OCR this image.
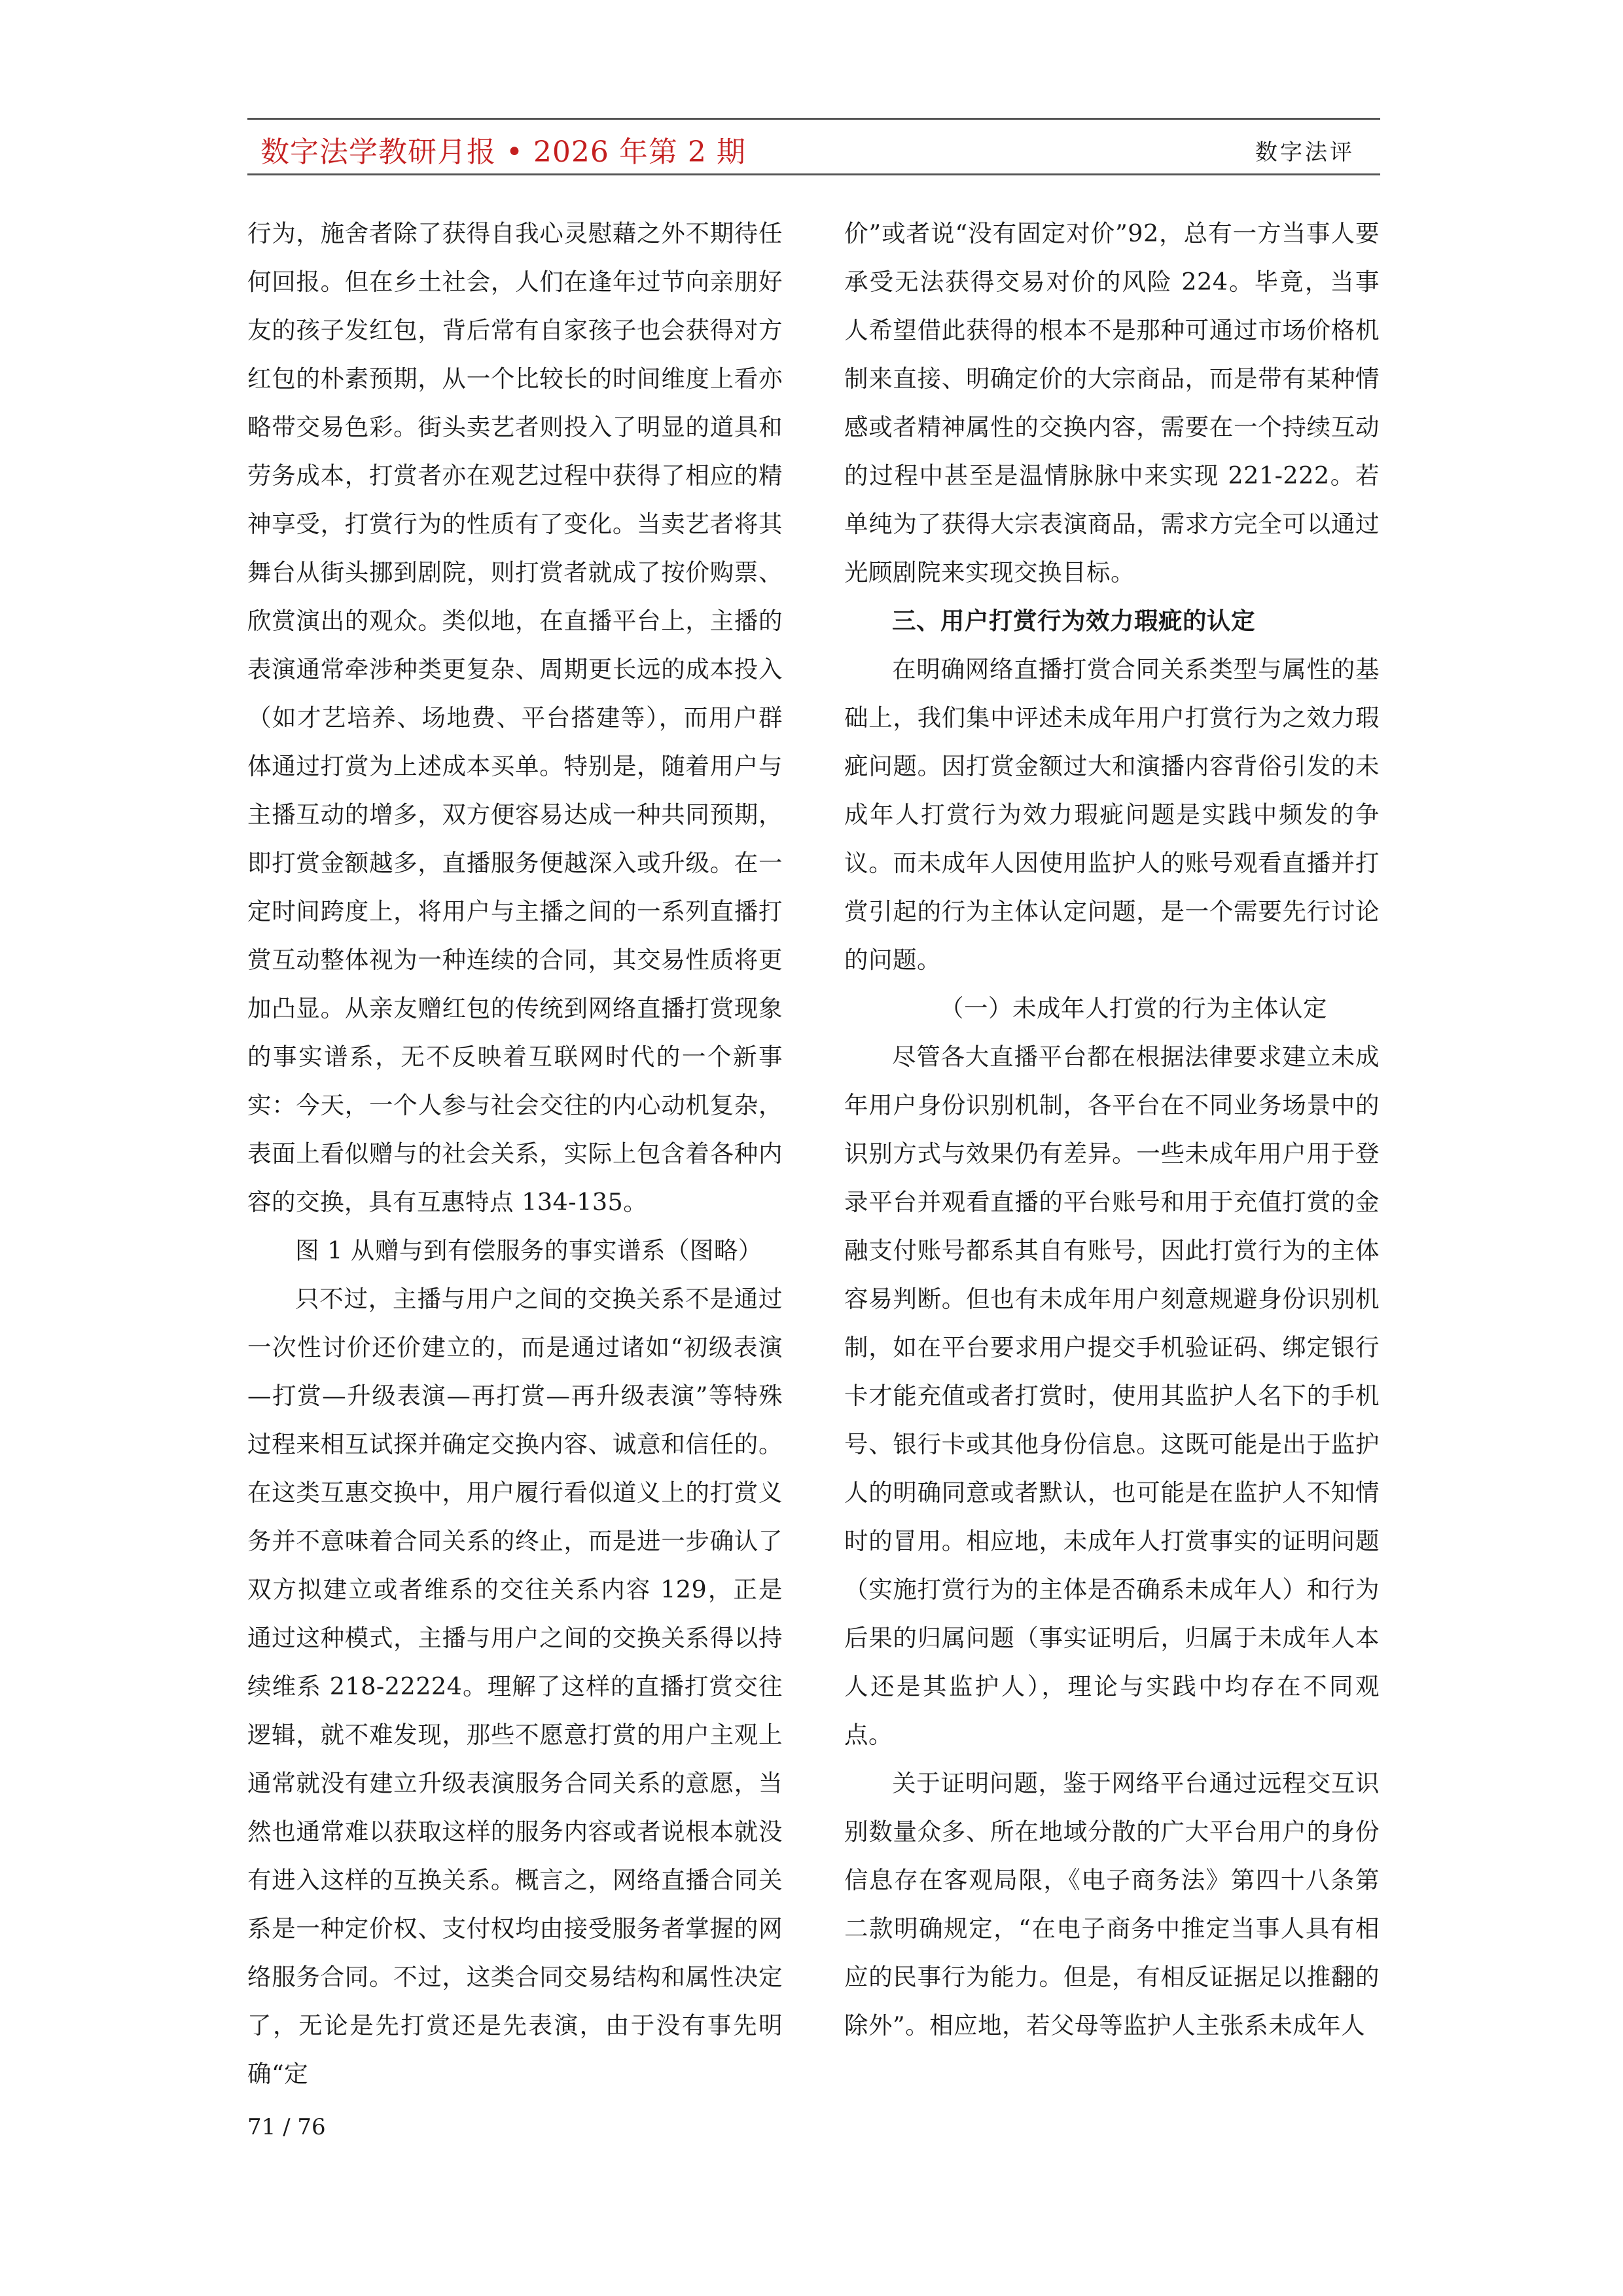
数字法学教研月报 • 2026 年第 2 期	数字法评

行为，施舍者除了获得自我心灵慰藉之外不期待任何回报。但在乡土社会，人们在逢年过节向亲朋好友的孩子发红包，背后常有自家孩子也会获得对方红包的朴素预期，从一个比较长的时间维度上看亦略带交易色彩。街头卖艺者则投入了明显的道具和劳务成本，打赏者亦在观艺过程中获得了相应的精神享受，打赏行为的性质有了变化。当卖艺者将其舞台从街头挪到剧院，则打赏者就成了按价购票、欣赏演出的观众。类似地，在直播平台上，主播的表演通常牵涉种类更复杂、周期更长远的成本投入（如才艺培养、场地费、平台搭建等），而用户群体通过打赏为上述成本买单。特别是，随着用户与主播互动的增多，双方便容易达成一种共同预期，即打赏金额越多，直播服务便越深入或升级。在一定时间跨度上，将用户与主播之间的一系列直播打赏互动整体视为一种连续的合同，其交易性质将更加凸显。从亲友赠红包的传统到网络直播打赏现象的事实谱系，无不反映着互联网时代的一个新事实：今天，一个人参与社会交往的内心动机复杂，表面上看似赠与的社会关系，实际上包含着各种内容的交换，具有互惠特点 134-135。

图 1 从赠与到有偿服务的事实谱系（图略）

只不过，主播与用户之间的交换关系不是通过一次性讨价还价建立的，而是通过诸如“初级表演—打赏—升级表演—再打赏—再升级表演”等特殊过程来相互试探并确定交换内容、诚意和信任的。在这类互惠交换中，用户履行看似道义上的打赏义务并不意味着合同关系的终止，而是进一步确认了双方拟建立或者维系的交往关系内容 129，正是通过这种模式，主播与用户之间的交换关系得以持续维系 218-22224。理解了这样的直播打赏交往逻辑，就不难发现，那些不愿意打赏的用户主观上通常就没有建立升级表演服务合同关系的意愿，当然也通常难以获取这样的服务内容或者说根本就没有进入这样的互换关系。概言之，网络直播合同关系是一种定价权、支付权均由接受服务者掌握的网络服务合同。不过，这类合同交易结构和属性决定了，无论是先打赏还是先表演，由于没有事先明确“定

价”或者说“没有固定对价”92，总有一方当事人要承受无法获得交易对价的风险 224。毕竟，当事人希望借此获得的根本不是那种可通过市场价格机制来直接、明确定价的大宗商品，而是带有某种情感或者精神属性的交换内容，需要在一个持续互动的过程中甚至是温情脉脉中来实现 221-222。若单纯为了获得大宗表演商品，需求方完全可以通过光顾剧院来实现交换目标。

三、用户打赏行为效力瑕疵的认定

在明确网络直播打赏合同关系类型与属性的基础上，我们集中评述未成年用户打赏行为之效力瑕疵问题。因打赏金额过大和演播内容背俗引发的未成年人打赏行为效力瑕疵问题是实践中频发的争议。而未成年人因使用监护人的账号观看直播并打赏引起的行为主体认定问题，是一个需要先行讨论的问题。

（一）未成年人打赏的行为主体认定

尽管各大直播平台都在根据法律要求建立未成年用户身份识别机制，各平台在不同业务场景中的识别方式与效果仍有差异。一些未成年用户用于登录平台并观看直播的平台账号和用于充值打赏的金融支付账号都系其自有账号，因此打赏行为的主体容易判断。但也有未成年用户刻意规避身份识别机制，如在平台要求用户提交手机验证码、绑定银行卡才能充值或者打赏时，使用其监护人名下的手机号、银行卡或其他身份信息。这既可能是出于监护人的明确同意或者默认，也可能是在监护人不知情时的冒用。相应地，未成年人打赏事实的证明问题（实施打赏行为的主体是否确系未成年人）和行为后果的归属问题（事实证明后，归属于未成年人本人还是其监护人），理论与实践中均存在不同观点。

关于证明问题，鉴于网络平台通过远程交互识别数量众多、所在地域分散的广大平台用户的身份信息存在客观局限，《电子商务法》第四十八条第二款明确规定，“在电子商务中推定当事人具有相应的民事行为能力。但是，有相反证据足以推翻的除外”。相应地，若父母等监护人主张系未成年人

71 / 76
